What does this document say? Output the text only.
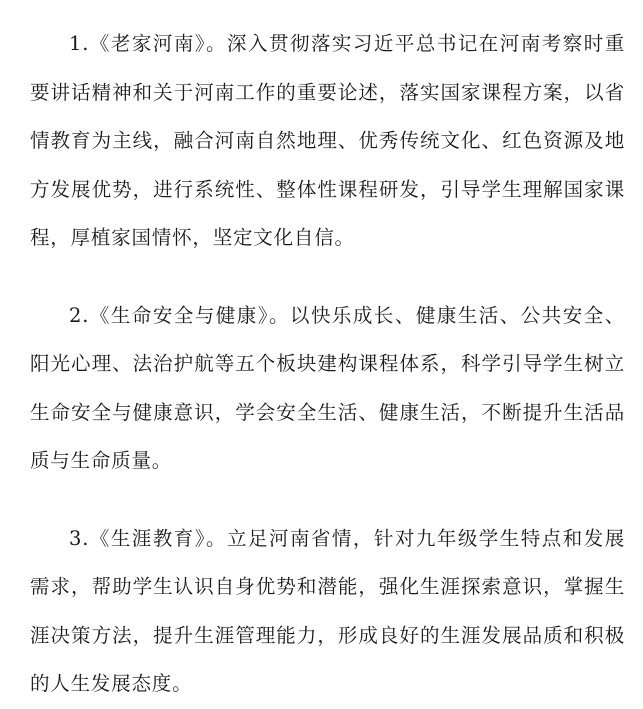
1.《老家河南》。深入贯彻落实习近平总书记在河南考察时重要讲话精神和关于河南工作的重要论述，落实国家课程方案，以省情教育为主线，融合河南自然地理、优秀传统文化、红色资源及地方发展优势，进行系统性、整体性课程研发，引导学生理解国家课程，厚植家国情怀，坚定文化自信。

2.《生命安全与健康》。以快乐成长、健康生活、公共安全、阳光心理、法治护航等五个板块建构课程体系，科学引导学生树立生命安全与健康意识，学会安全生活、健康生活，不断提升生活品质与生命质量。

3.《生涯教育》。立足河南省情，针对九年级学生特点和发展需求，帮助学生认识自身优势和潜能，强化生涯探索意识，掌握生涯决策方法，提升生涯管理能力，形成良好的生涯发展品质和积极的人生发展态度。
